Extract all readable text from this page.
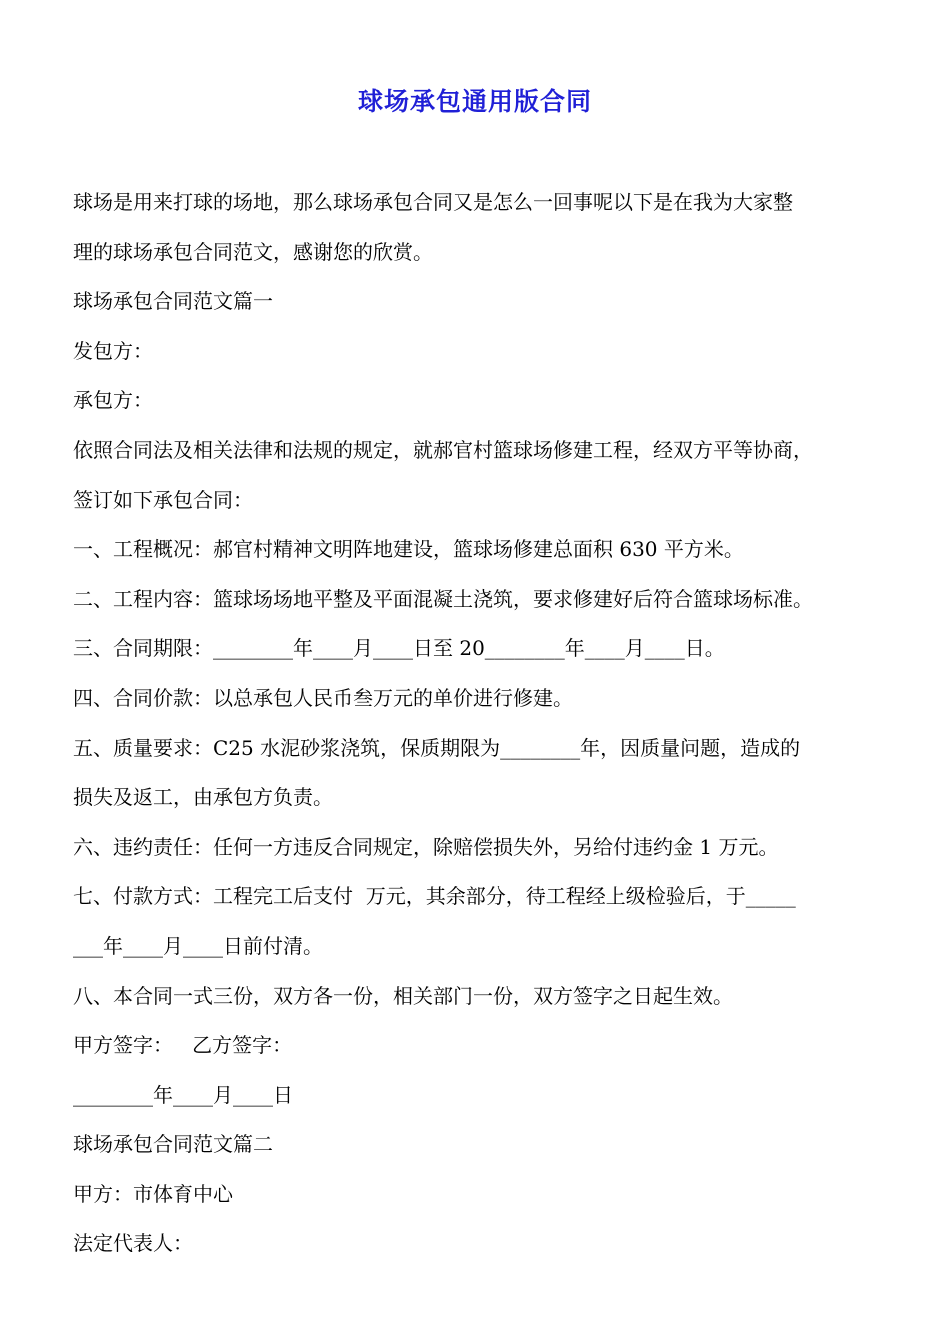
球场承包通用版合同

球场是用来打球的场地，那么球场承包合同又是怎么一回事呢以下是在我为大家整

理的球场承包合同范文，感谢您的欣赏。

球场承包合同范文篇一

发包方：

承包方：

依照合同法及相关法律和法规的规定，就郝官村篮球场修建工程，经双方平等协商，

签订如下承包合同：

一、工程概况：郝官村精神文明阵地建设，篮球场修建总面积 630 平方米。

二、工程内容：篮球场场地平整及平面混凝土浇筑，要求修建好后符合篮球场标准。

三、合同期限：________年____月____日至 20________年____月____日。

四、合同价款：以总承包人民币叁万元的单价进行修建。

五、质量要求：C25 水泥砂浆浇筑，保质期限为________年，因质量问题，造成的

损失及返工，由承包方负责。

六、违约责任：任何一方违反合同规定，除赔偿损失外，另给付违约金 1 万元。

七、付款方式：工程完工后支付  万元，其余部分，待工程经上级检验后，于_____

___年____月____日前付清。

八、本合同一式三份，双方各一份，相关部门一份，双方签字之日起生效。

甲方签字：   乙方签字：

________年____月____日

球场承包合同范文篇二

甲方：市体育中心

法定代表人：
